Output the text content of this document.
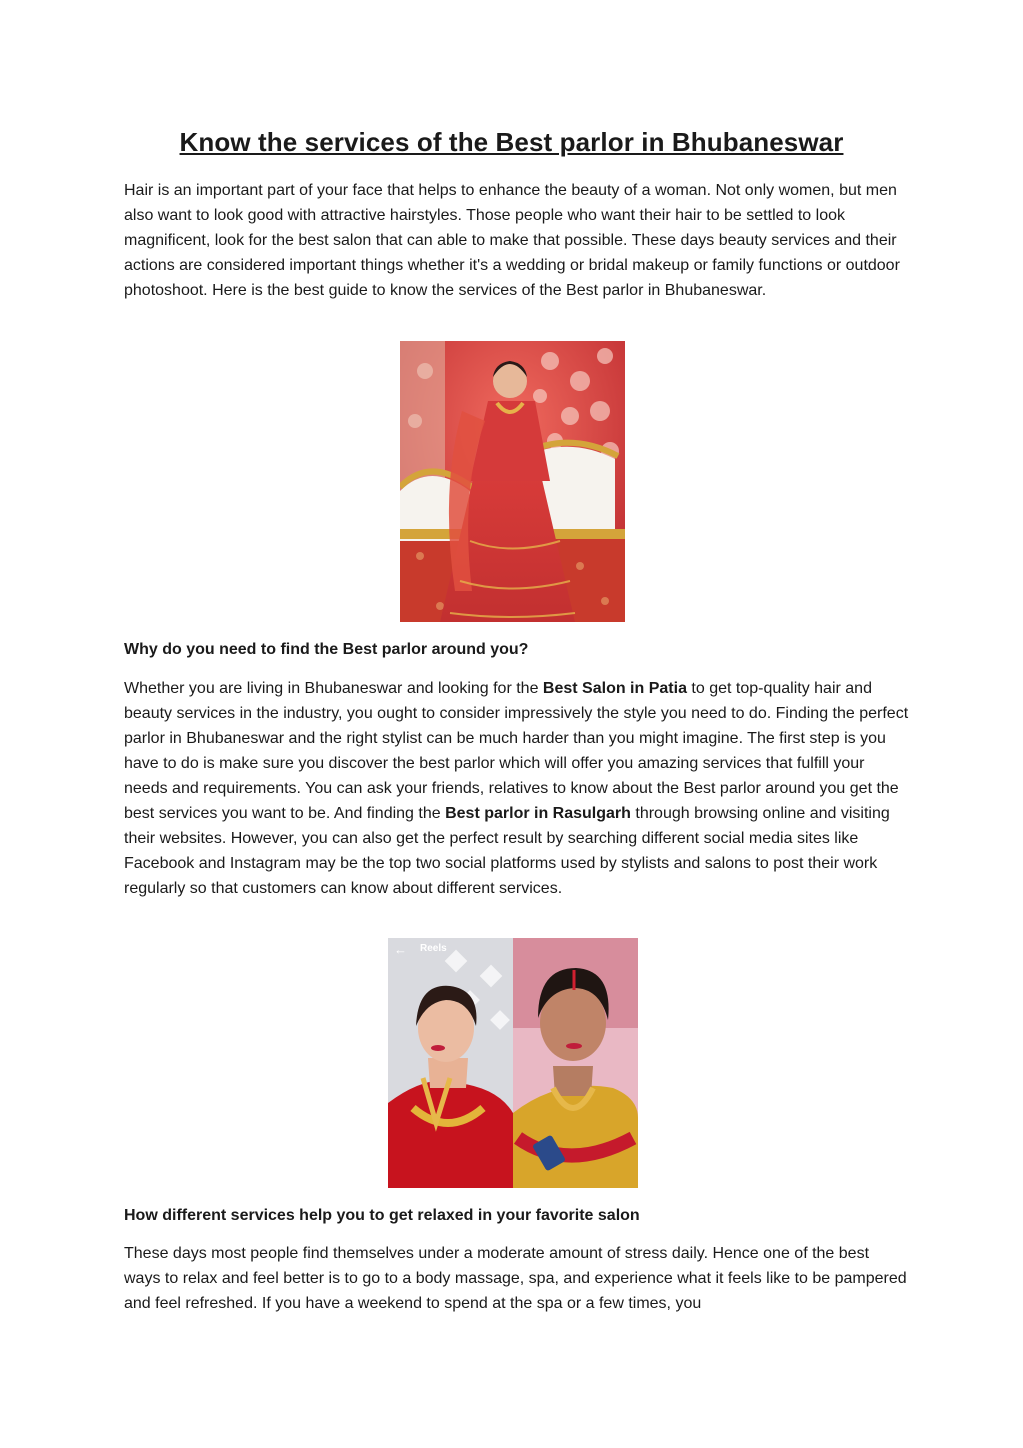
Know the services of the Best parlor in Bhubaneswar

Hair is an important part of your face that helps to enhance the beauty of a woman. Not only women, but men also want to look good with attractive hairstyles. Those people who want their hair to be settled to look magnificent, look for the best salon that can able to make that possible. These days beauty services and their actions are considered important things whether it's a wedding or bridal makeup or family functions or outdoor photoshoot. Here is the best guide to know the services of the Best parlor in Bhubaneswar.

Why do you need to find the Best parlor around you?

Whether you are living in Bhubaneswar and looking for the Best Salon in Patia to get top-quality hair and beauty services in the industry, you ought to consider impressively the style you need to do. Finding the perfect parlor in Bhubaneswar and the right stylist can be much harder than you might imagine. The first step is you have to do is make sure you discover the best parlor which will offer you amazing services that fulfill your needs and requirements. You can ask your friends, relatives to know about the Best parlor around you get the best services you want to be. And finding the Best parlor in Rasulgarh through browsing online and visiting their websites. However, you can also get the perfect result by searching different social media sites like Facebook and Instagram may be the top two social platforms used by stylists and salons to post their work regularly so that customers can know about different services.

← Reels
How different services help you to get relaxed in your favorite salon

These days most people find themselves under a moderate amount of stress daily. Hence one of the best ways to relax and feel better is to go to a body massage, spa, and experience what it feels like to be pampered and feel refreshed. If you have a weekend to spend at the spa or a few times, you
